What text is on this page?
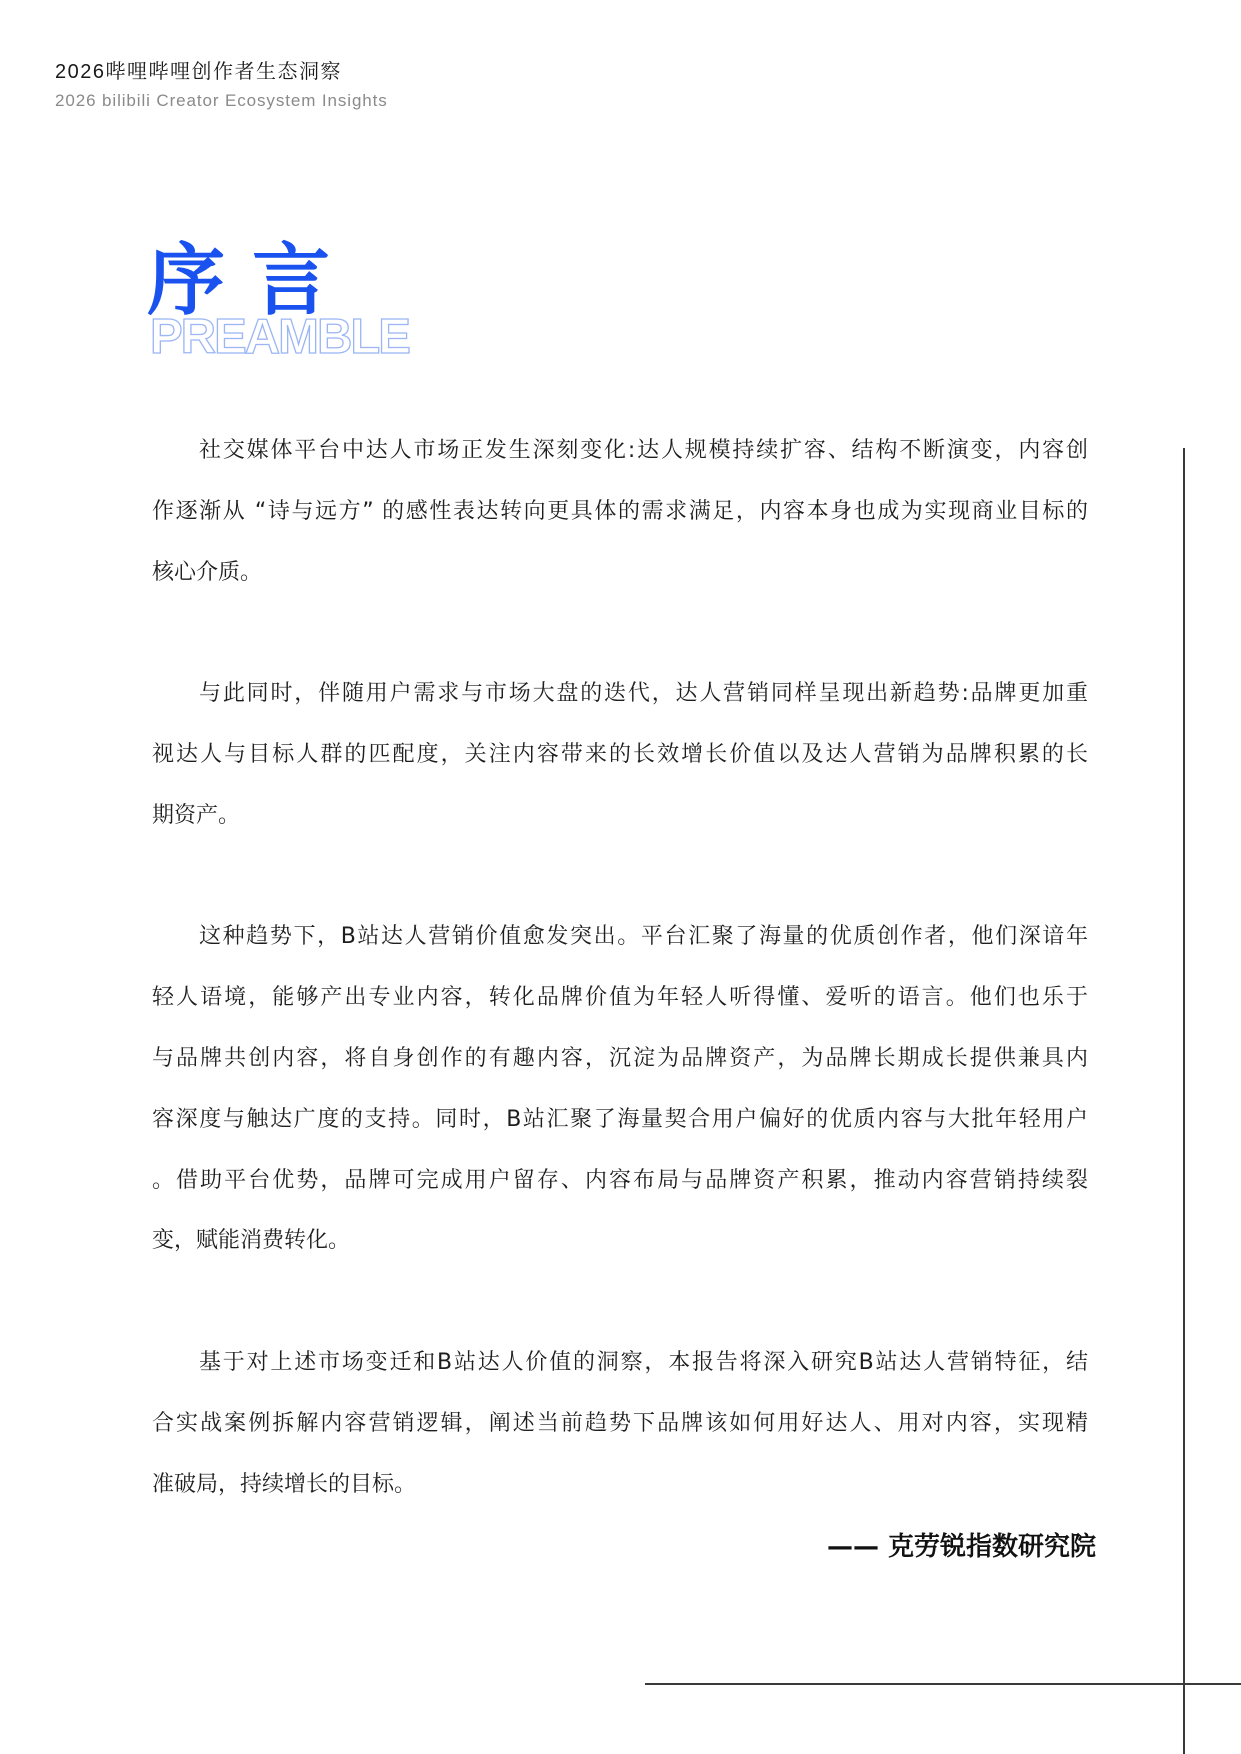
2026哔哩哔哩创作者生态洞察
2026 bilibili Creator Ecosystem Insights
PREAMBLE
序 言
社交媒体平台中达人市场正发生深刻变化:达人规模持续扩容、结构不断演变，内容创
作逐渐从 “诗与远方” 的感性表达转向更具体的需求满足，内容本身也成为实现商业目标的
核心介质。
与此同时，伴随用户需求与市场大盘的迭代，达人营销同样呈现出新趋势:品牌更加重
视达人与目标人群的匹配度，关注内容带来的长效增长价值以及达人营销为品牌积累的长
期资产。
这种趋势下，B站达人营销价值愈发突出。平台汇聚了海量的优质创作者，他们深谙年
轻人语境，能够产出专业内容，转化品牌价值为年轻人听得懂、爱听的语言。他们也乐于
与品牌共创内容，将自身创作的有趣内容，沉淀为品牌资产，为品牌长期成长提供兼具内
容深度与触达广度的支持。同时，B站汇聚了海量契合用户偏好的优质内容与大批年轻用户
。借助平台优势，品牌可完成用户留存、内容布局与品牌资产积累，推动内容营销持续裂
变，赋能消费转化。
基于对上述市场变迁和B站达人价值的洞察，本报告将深入研究B站达人营销特征，结
合实战案例拆解内容营销逻辑，阐述当前趋势下品牌该如何用好达人、用对内容，实现精
准破局，持续增长的目标。
—— 克劳锐指数研究院
